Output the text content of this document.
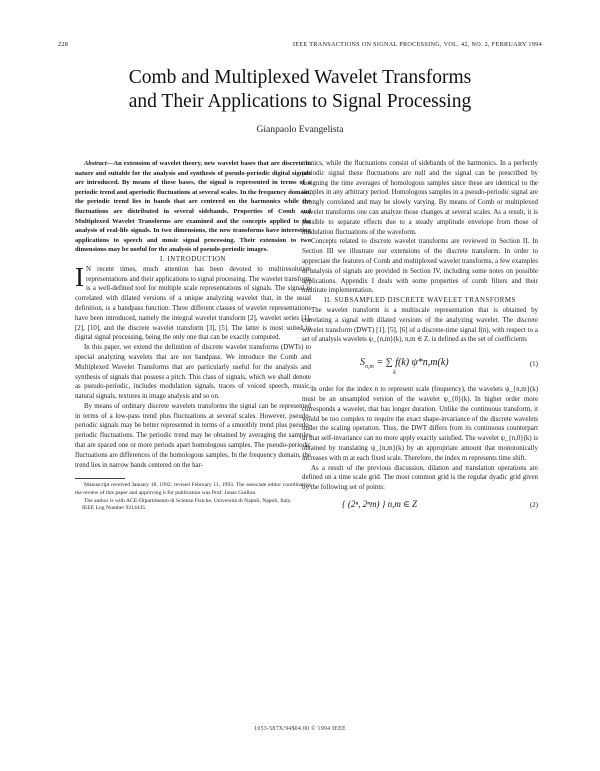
228	IEEE TRANSACTIONS ON SIGNAL PROCESSING, VOL. 42, NO. 2, FEBRUARY 1994
Comb and Multiplexed Wavelet Transforms
and Their Applications to Signal Processing
Gianpaolo Evangelista

Abstract—An extension of wavelet theory, new wavelet bases that are discrete in nature and suitable for the analysis and synthesis of pseudo-periodic digital signals are introduced. By means of these bases, the signal is represented in terms of a periodic trend and aperiodic fluctuations at several scales. In the frequency domain, the periodic trend lies in bands that are centered on the harmonics while the fluctuations are distributed in several sidebands. Properties of Comb and Multiplexed Wavelet Transforms are examined and the concepts applied to the analysis of real-life signals. In two dimensions, the new transforms have interesting applications to speech and music signal processing. Their extension to two dimensions may be useful for the analysis of pseudo-periodic images.

I. INTRODUCTION

I N recent times, much attention has been devoted to multiresolution representations and their applications to signal processing. The wavelet transform is a well-defined tool for multiple scale representations of signals. The signal is correlated with dilated versions of a unique analyzing wavelet that, in the usual definition, is a bandpass function. Three different classes of wavelet representations have been introduced, namely the integral wavelet transform [2], wavelet series [1], [2], [10], and the discrete wavelet transform [3], [5]. The latter is most suited to digital signal processing, being the only one that can be exactly computed.

In this paper, we extend the definition of discrete wavelet transforms (DWTs) to special analyzing wavelets that are not bandpass. We introduce the Comb and Multiplexed Wavelet Transforms that are particularly useful for the analysis and synthesis of signals that possess a pitch. This class of signals, which we shall denote as pseudo-periodic, includes modulation signals, traces of voiced speech, music, natural signals, textures in image analysis and so on.

By means of ordinary discrete wavelets transforms the signal can be represented in terms of a low-pass trend plus fluctuations at several scales. However, pseudo-periodic signals may be better represented in terms of a smoothly trend plus pseudo-periodic fluctuations. The periodic trend may be obtained by averaging the samples that are spaced one or more periods apart homologous samples. The pseudo-periodic fluctuations are differences of the homologous samples. In the frequency domain, the trend lies in narrow bands centered on the har-

Manuscript received January 18, 1992; revised February 11, 1993. The associate editor coordinating the review of this paper and approving it for publication was Prof. Jonas Guillon.

The author is with ACE-Dipartimento di Scienze Fisiche, Università di Napoli, Napoli, Italy.

IEEE Log Number 9214435.

monics, while the fluctuations consist of sidebands of the harmonics. In a perfectly periodic signal these fluctuations are null and the signal can be prescribed by assigning the time averages of homologous samples since these are identical to the samples in any arbitrary period. Homologous samples in a pseudo-periodic signal are strongly correlated and may be slowly varying. By means of Comb or multiplexed wavelet transforms one can analyze those changes at several scales. As a result, it is possible to separate effects due to a steady amplitude envelope from those of modulation fluctuations of the waveform.

Concepts related to discrete wavelet transforms are reviewed in Section II. In Section III we illustrate our extensions of the discrete transform. In order to appreciate the features of Comb and multiplexed wavelet transforms, a few examples of analysis of signals are provided in Section IV, including some notes on possible applications. Appendix I deals with some properties of comb filters and their multirate implementation.

II. SUBSAMPLED DISCRETE WAVELET TRANSFORMS

The wavelet transform is a multiscale representation that is obtained by correlating a signal with dilated versions of the analyzing wavelet. The discrete wavelet transform (DWT) [1], [5], [6] of a discrete-time signal f(n), with respect to a set of analysis wavelets ψ_{n,m}(k), n,m ∈ Z, is defined as the set of coefficients

$S_{n,m}$ = ∑ f(k) ψ*n,m(k) $_k$
(1)

In order for the index n to represent scale (frequency), the wavelets ψ_{n,m}(k) must be an unsampled version of the wavelet ψ_{0}(k). In higher order more corresponds a wavelet, that has longer duration. Unlike the continuous transform, it would be too complex to require the exact shape-invariance of the discrete wavelets under the scaling operation. Thus, the DWT differs from its continuous counterpart in that self-invariance can no more apply exactly satisfied. The wavelet ψ_{n,0}(k) is obtained by translating ψ_{n,m}(k) by an appropriate amount that monotonically increases with m at each fixed scale. Therefore, the index m represents time shift.

As a result of the previous discussion, dilation and translation operations are defined on a time scale grid. The most common grid is the regular dyadic grid given by the following set of points:

{ (2ⁿ, 2ⁿm) } n,m ∈ Z	(2)
1053-587X/94$04.00 © 1994 IEEE
